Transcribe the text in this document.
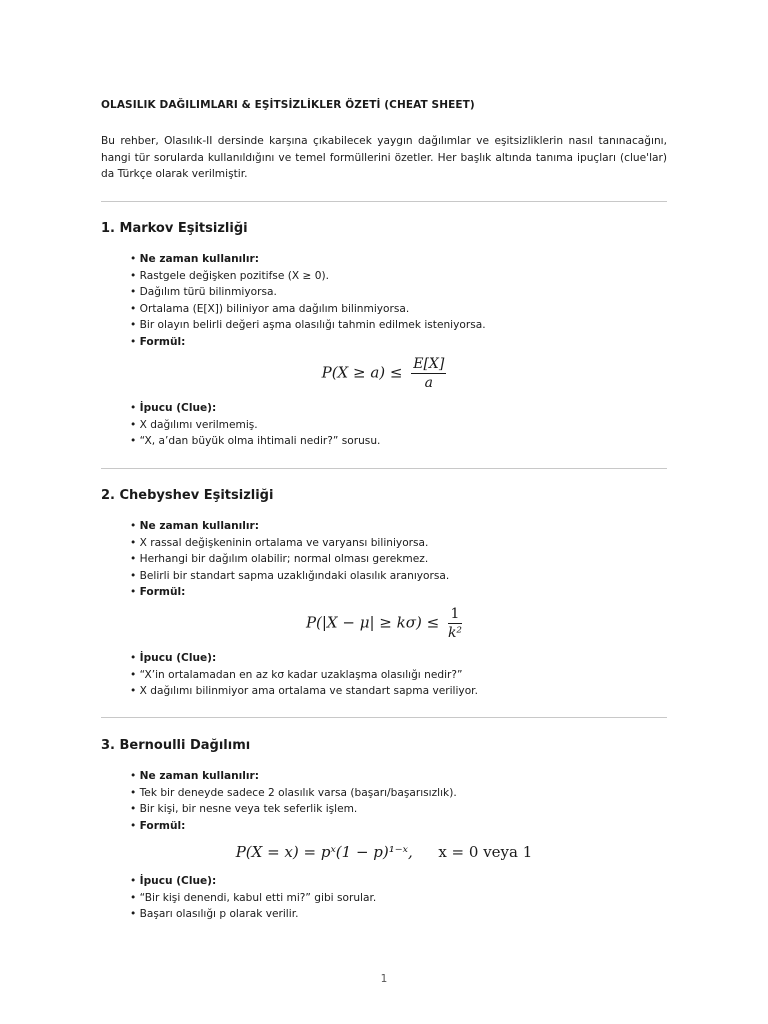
OLASILIK DAĞILIMLARI & EŞİTSİZLİKLER ÖZETİ (CHEAT SHEET)
Bu rehber, Olasılık-II dersinde karşına çıkabilecek yaygın dağılımlar ve eşitsizliklerin nasıl tanınacağını, hangi tür sorularda kullanıldığını ve temel formüllerini özetler. Her başlık altında tanıma ipuçları (clue'lar) da Türkçe olarak verilmiştir.
1. Markov Eşitsizliği
• Ne zaman kullanılır:
• Rastgele değişken pozitifse (X ≥ 0).
• Dağılım türü bilinmiyorsa.
• Ortalama (E[X]) biliniyor ama dağılım bilinmiyorsa.
• Bir olayın belirli değeri aşma olasılığı tahmin edilmek isteniyorsa.
• Formül:
$P(X \ge a) \le \frac{E[X]}{a}$
• İpucu (Clue):
• X dağılımı verilmemiş.
• “X, a’dan büyük olma ihtimali nedir?” sorusu.
2. Chebyshev Eşitsizliği
• Ne zaman kullanılır:
• X rassal değişkeninin ortalama ve varyansı biliniyorsa.
• Herhangi bir dağılım olabilir; normal olması gerekmez.
• Belirli bir standart sapma uzaklığındaki olasılık aranıyorsa.
• Formül:
$P(|X - \mu| \ge k\sigma) \le \frac{1}{\text{k²}}$
• İpucu (Clue):
• “X’in ortalamadan en az kσ kadar uzaklaşma olasılığı nedir?”
• X dağılımı bilinmiyor ama ortalama ve standart sapma veriliyor.
3. Bernoulli Dağılımı
• Ne zaman kullanılır:
• Tek bir deneyde sadece 2 olasılık varsa (başarı/başarısızlık).
• Bir kişi, bir nesne veya tek seferlik işlem.
• Formül:
P(X = x) = pˣ(1 − p)¹⁻ˣ, x = 0 veya 1
• İpucu (Clue):
• “Bir kişi denendi, kabul etti mi?” gibi sorular.
• Başarı olasılığı p olarak verilir.
1
